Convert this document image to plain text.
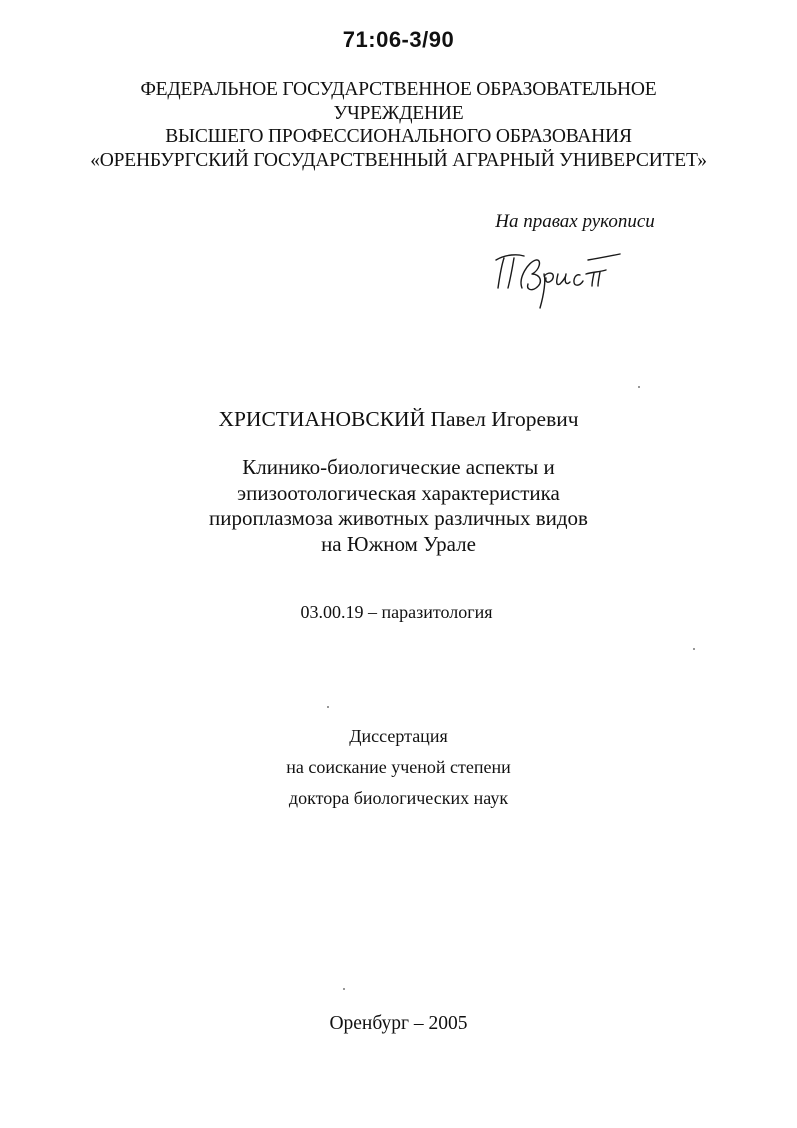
71:06-3/90
ФЕДЕРАЛЬНОЕ ГОСУДАРСТВЕННОЕ ОБРАЗОВАТЕЛЬНОЕ
УЧРЕЖДЕНИЕ
ВЫСШЕГО ПРОФЕССИОНАЛЬНОГО ОБРАЗОВАНИЯ
«ОРЕНБУРГСКИЙ ГОСУДАРСТВЕННЫЙ АГРАРНЫЙ УНИВЕРСИТЕТ»
На правах рукописи
ХРИСТИАНОВСКИЙ Павел Игоревич
Клинико-биологические аспекты и
эпизоотологическая характеристика
пироплазмоза животных различных видов
на Южном Урале
03.00.19 – паразитология
Диссертация
на соискание ученой степени
доктора биологических наук
Оренбург – 2005
